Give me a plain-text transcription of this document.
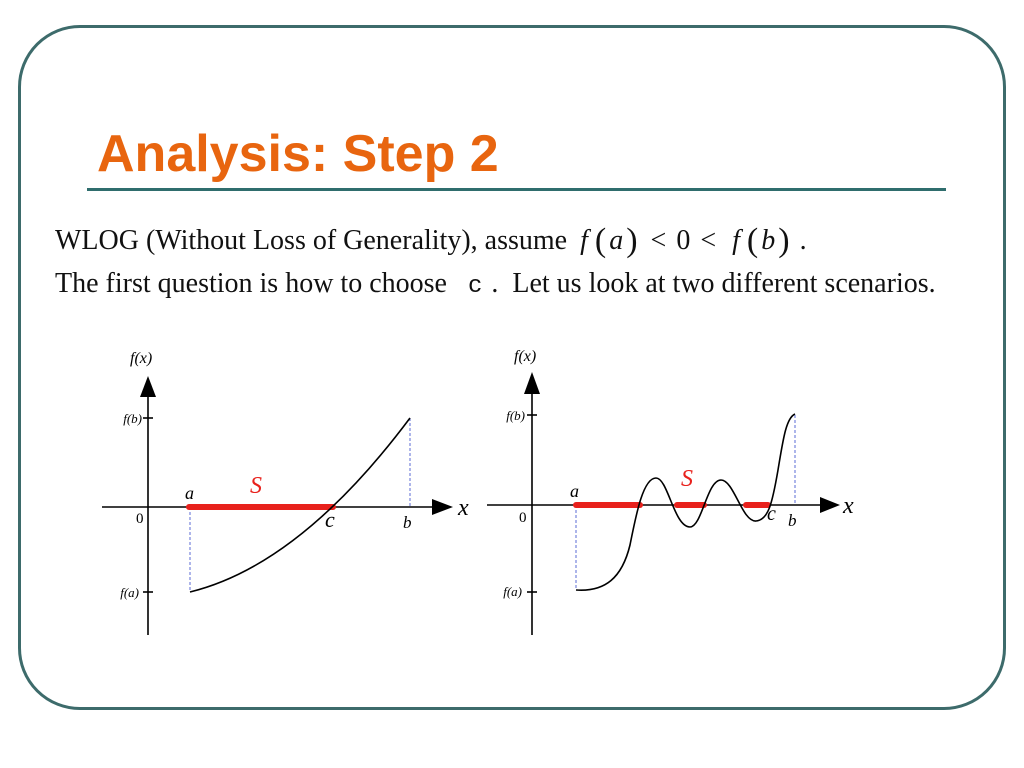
Analysis: Step 2
WLOG (Without Loss of Generality), assume f ( a ) < 0 < f ( b ) .
The first question is how to choose c .  Let us look at two different scenarios.
f(x)
f(b)
f(a)
x
0
a S
c	b
f(x)
f(b)
f(a)
x
0
a	S
c b
